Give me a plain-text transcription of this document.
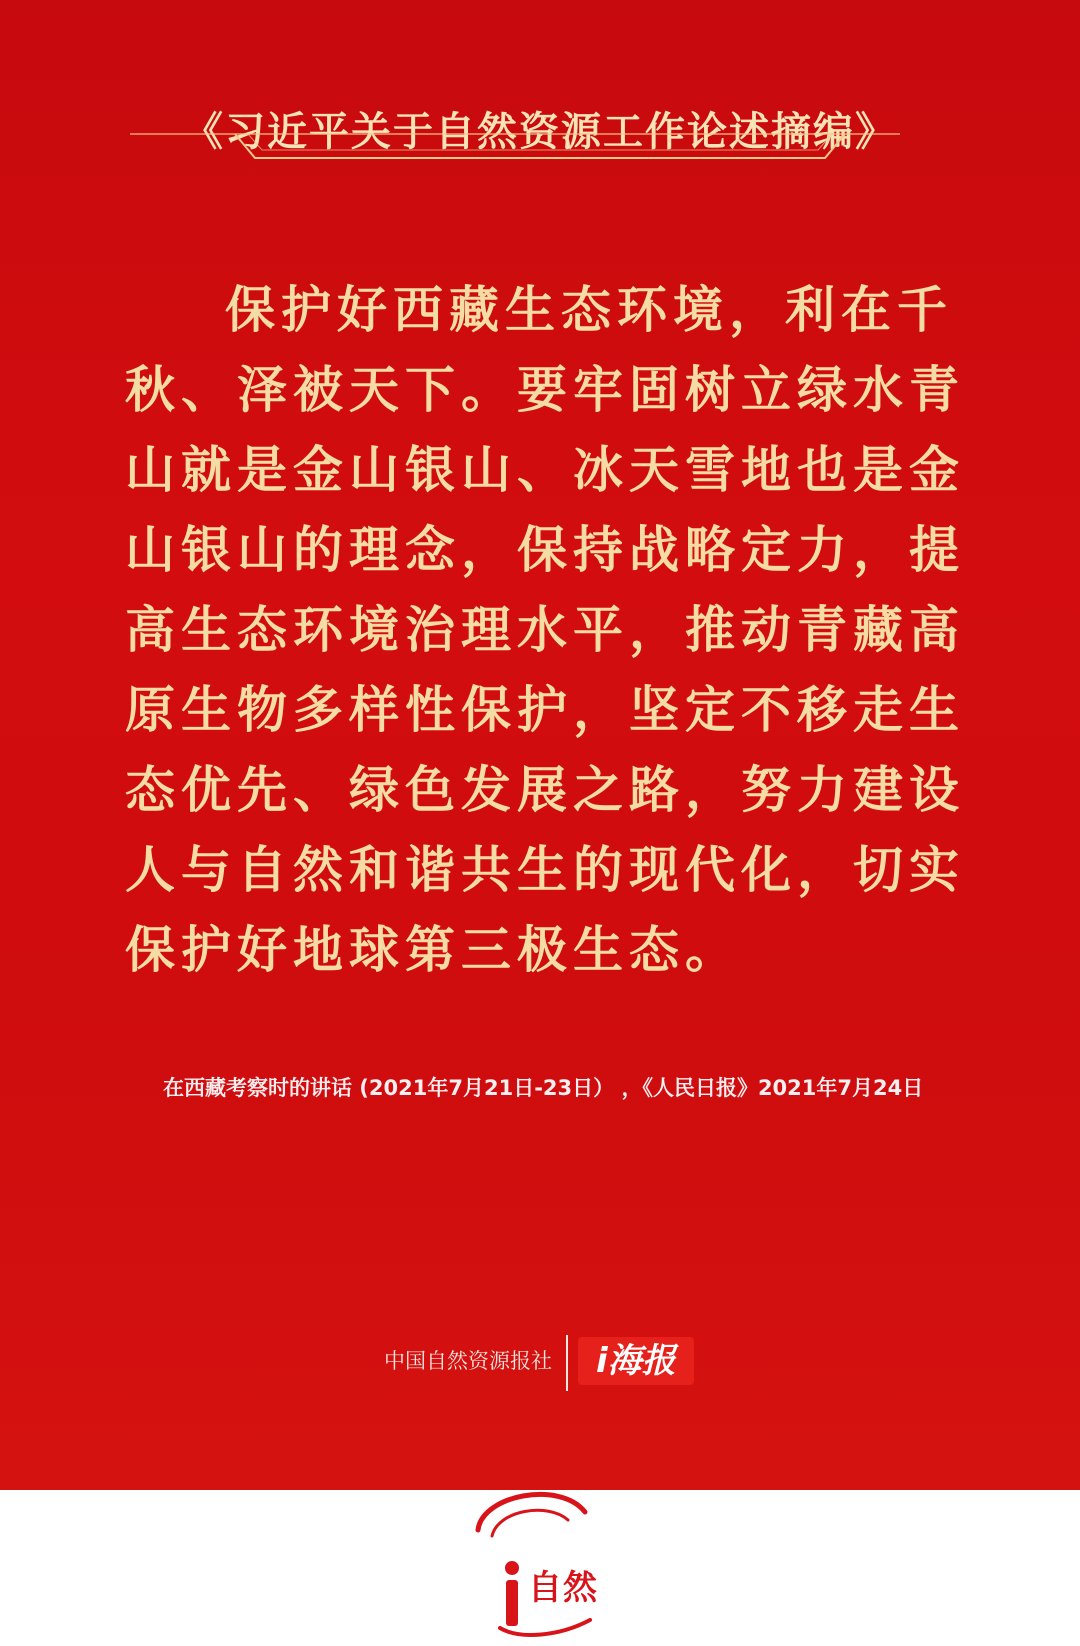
《习近平关于自然资源工作论述摘编》

保护好西藏生态环境，利在千秋、泽被天下。要牢固树立绿水青山就是金山银山、冰天雪地也是金山银山的理念，保持战略定力，提高生态环境治理水平，推动青藏高原生物多样性保护，坚定不移走生态优先、绿色发展之路，努力建设人与自然和谐共生的现代化，切实保护好地球第三极生态。

在西藏考察时的讲话 (2021年7月21日-23日） ，《人民日报》2021年7月24日

中国自然资源报社	i海报
自然
